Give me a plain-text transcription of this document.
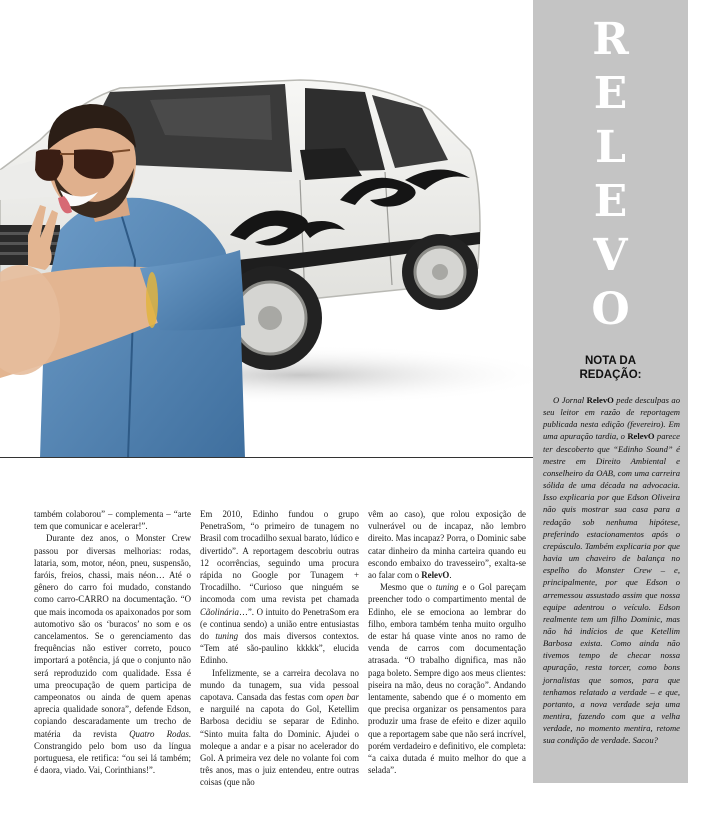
R
E
L
E
V
O
NOTA DA
REDAÇÃO:

O Jornal RelevO pede desculpas ao seu leitor em razão de reportagem publicada nesta edição (fevereiro). Em uma apuração tardia, o RelevO parece ter descoberto que “Edinho Sound” é mestre em Direito Ambiental e conselheiro da OAB, com uma carreira sólida de uma década na advocacia. Isso explicaria por que Edson Oliveira não quis mostrar sua casa para a redação sob nenhuma hipótese, preferindo estacionamentos após o crepúsculo. Também explicaria por que havia um chaveiro de balança no espelho do Monster Crew – e, principalmente, por que Edson o arremessou assustado assim que nossa equipe adentrou o veículo. Edson realmente tem um filho Dominic, mas não há indícios de que Ketellim Barbosa exista. Como ainda não tivemos tempo de checar nossa apuração, resta torcer, como bons jornalistas que somos, para que tenhamos relatado a verdade – e que, portanto, a nova verdade seja uma mentira, fazendo com que a velha verdade, no momento mentira, retome sua condição de verdade. Sacou?

também colaborou” – complementa – “arte tem que comunicar e acelerar!”.

Durante dez anos, o Monster Crew passou por diversas melhorias: rodas, lataria, som, motor, néon, pneu, suspensão, faróis, freios, chassi, mais néon… Até o gênero do carro foi mudado, constando como carro-CARRO na documentação. “O que mais incomoda os apaixonados por som automotivo são os ‘buracos’ no som e os cancelamentos. Se o gerenciamento das frequências não estiver correto, pouco importará a potência, já que o conjunto não será reproduzido com qualidade. Essa é uma preocupação de quem participa de campeonatos ou ainda de quem apenas aprecia qualidade sonora”, defende Edson, copiando descaradamente um trecho de matéria da revista Quatro Rodas. Constrangido pelo bom uso da língua portuguesa, ele retifica: “ou sei lá também; é daora, viado. Vai, Corinthians!”.

Em 2010, Edinho fundou o grupo PenetraSom, “o primeiro de tunagem no Brasil com trocadilho sexual barato, lúdico e divertido”. A reportagem descobriu outras 12 ocorrências, seguindo uma procura rápida no Google por Tunagem + Trocadilho. “Curioso que ninguém se incomoda com uma revista pet chamada Cãolinária…”. O intuito do PenetraSom era (e continua sendo) a união entre entusiastas do tuning dos mais diversos contextos. “Tem até são-paulino kkkkk”, elucida Edinho.

Infelizmente, se a carreira decolava no mundo da tunagem, sua vida pessoal capotava. Cansada das festas com open bar e narguilé na capota do Gol, Ketellim Barbosa decidiu se separar de Edinho. “Sinto muita falta do Dominic. Ajudei o moleque a andar e a pisar no acelerador do Gol. A primeira vez dele no volante foi com três anos, mas o juiz entendeu, entre outras coisas (que não

vêm ao caso), que rolou exposição de vulnerável ou de incapaz, não lembro direito. Mas incapaz? Porra, o Dominic sabe catar dinheiro da minha carteira quando eu escondo embaixo do travesseiro”, exalta-se ao falar com o RelevO.

Mesmo que o tuning e o Gol pareçam preencher todo o compartimento mental de Edinho, ele se emociona ao lembrar do filho, embora também tenha muito orgulho de estar há quase vinte anos no ramo de venda de carros com documentação atrasada. “O trabalho dignifica, mas não paga boleto. Sempre digo aos meus clientes: piseira na mão, deus no coração”. Andando lentamente, sabendo que é o momento em que precisa organizar os pensamentos para produzir uma frase de efeito e dizer aquilo que a reportagem sabe que não será incrível, porém verdadeiro e definitivo, ele completa: “a caixa dutada é muito melhor do que a selada”.
